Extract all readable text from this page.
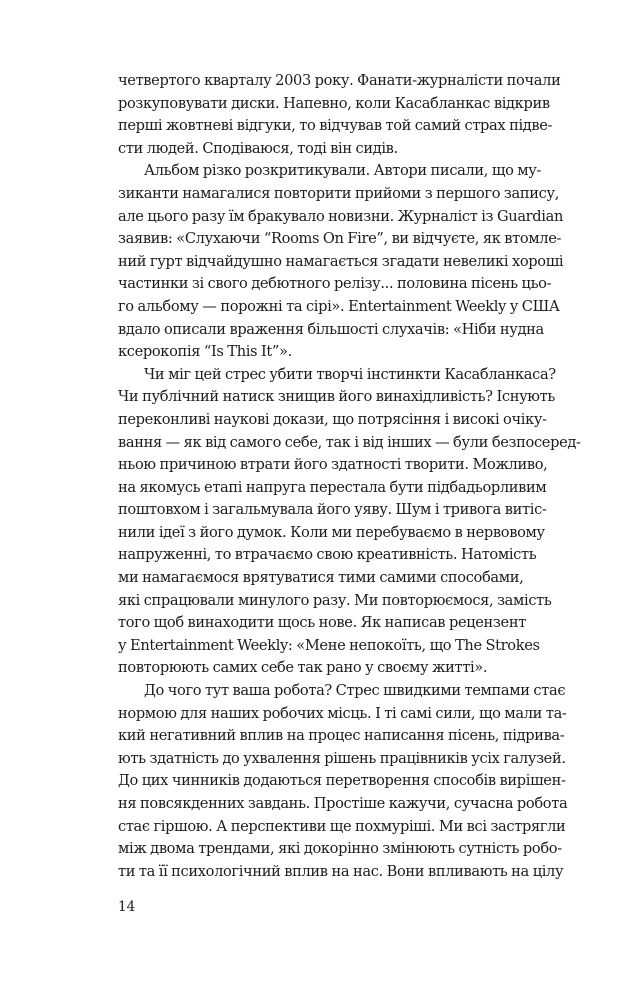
четвертого кварталу 2003 року. Фанати-журналісти почали
розкуповувати диски. Напевно, коли Касабланкас відкрив
перші жовтневі відгуки, то відчував той самий страх підве-
сти людей. Сподіваюся, тоді він сидів.
Альбом різко розкритикували. Автори писали, що му-
зиканти намагалися повторити прийоми з першого запису,
але цього разу їм бракувало новизни. Журналіст із Guardian
заявив: «Слухаючи “Rooms On Fire”, ви відчуєте, як втомле-
ний гурт відчайдушно намагається згадати невеликі хороші
частинки зі свого дебютного релізу... половина пісень цьо-
го альбому — порожні та сірі». Entertainment Weekly у США
вдало описали враження більшості слухачів: «Ніби нудна
ксерокопія “Is This It”».
Чи міг цей стрес убити творчі інстинкти Касабланкаса?
Чи публічний натиск знищив його винахідливість? Існують
переконливі наукові докази, що потрясіння і високі очіку-
вання — як від самого себе, так і від інших — були безпосеред-
ньою причиною втрати його здатності творити. Можливо,
на якомусь етапі напруга перестала бути підбадьорливим
поштовхом і загальмувала його уяву. Шум і тривога витіс-
нили ідеї з його думок. Коли ми перебуваємо в нервовому
напруженні, то втрачаємо свою креативність. Натомість
ми намагаємося врятуватися тими самими способами,
які спрацювали минулого разу. Ми повторюємося, замість
того щоб винаходити щось нове. Як написав рецензент
у Entertainment Weekly: «Мене непокоїть, що The Strokes
повторюють самих себе так рано у своєму житті».
До чого тут ваша робота? Стрес швидкими темпами стає
нормою для наших робочих місць. І ті самі сили, що мали та-
кий негативний вплив на процес написання пісень, підрива-
ють здатність до ухвалення рішень працівників усіх галузей.
До цих чинників додаються перетворення способів вирішен-
ня повсякденних завдань. Простіше кажучи, сучасна робота
стає гіршою. А перспективи ще похмуріші. Ми всі застрягли
між двома трендами, які докорінно змінюють сутність робо-
ти та її психологічний вплив на нас. Вони впливають на цілу
14
